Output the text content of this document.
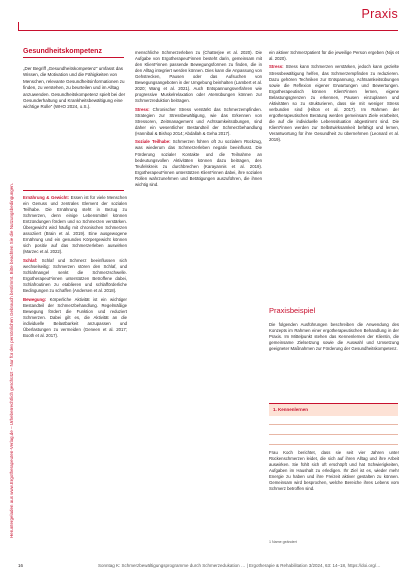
Heruntergeladen aus www.Ergotherapeuten-Verlag.de – Urheberrechtlich geschützt – Nur für den persönlichen Gebrauch bestimmt. Bitte beachten Sie die Nutzungsbedingungen.
Praxis
Gesundheitskompetenz
„Der Begriff „Gesundheitskompetenz“ umfasst das Wissen, die Motivation und die Fähigkeiten von Menschen, relevante Gesundheitsinformationen zu finden, zu verstehen, zu beurteilen und im Alltag anzuwenden. Gesundheitskompetenz spielt bei der Gesunderhaltung und Krankheitsbewältigung eine wichtige Rolle“ (WHO 2024, o.S.).

Ernährung & Gewicht: Essen ist für viele Menschen ein Genuss und zentrales Element der sozialen Teilhabe. Die Ernährung steht in Bezug zu Schmerzen, denn einige Lebensmittel können Entzündungen fördern und so Schmerzen verstärken. Übergewicht wird häufig mit chronischen Schmerzen assoziiert (Brain et al. 2019). Eine ausgewogene Ernährung und ein gesundes Körpergewicht können sich positiv auf das Schmerzerleben auswirken (Marzec et al. 2022).

Schlaf: Schlaf und Schmerz beeinflussen sich wechselseitig: Schmerzen stören den Schlaf, und Schlafmangel senkt die Schmerzschwelle. Ergotherapeut*innen unterstützen Betroffene dabei, Schlafroutinen zu etablieren und schlafförderliche Bedingungen zu schaffen (Andersen et al. 2018).

Bewegung: Körperliche Aktivität ist ein wichtiger Bestandteil der Schmerzbehandlung. Regelmäßige Bewegung fördert die Funktion und reduziert Schmerzen. Dabei gilt es, die Aktivität an die individuelle Belastbarkeit anzupassen und Überlastungen zu vermeiden (Geneen et al. 2017; Booth et al. 2017).

menschliche Schmerzerleben zu (Chatterjee et al. 2020). Die Aufgabe von Ergotherapeut*innen besteht darin, gemeinsam mit den Klient*innen passende Bewegungsformen zu finden, die in den Alltag integriert werden können. Dies kann die Anpassung von Gehstrecken, Pausen oder das Aufsuchen von Bewegungsangeboten in der Umgebung beinhalten (Lambert et al. 2020; Wang et al. 2021). Auch Entspannungsverfahren wie progressive Muskelrelaxation oder Atemübungen können zur Schmerzreduktion beitragen.

Stress: Chronischer Stress verstärkt das Schmerzempfinden. Strategien zur Stressbewältigung, wie das Erkennen von Stressoren, Zeitmanagement und Achtsamkeitsübungen, sind daher ein wesentlicher Bestandteil der Schmerzbehandlung (Hannibal & Bishop 2014; Abdallah & Geha 2017).

Soziale Teilhabe: Schmerzen führen oft zu sozialem Rückzug, was wiederum das Schmerzerleben negativ beeinflusst. Die Förderung sozialer Kontakte und die Teilnahme an bedeutungsvollen Aktivitäten können dazu beitragen, den Teufelskreis zu durchbrechen (Karayannis et al. 2019). Ergotherapeut*innen unterstützen Klient*innen dabei, ihre sozialen Rollen wahrzunehmen und Betätigungen auszuführen, die ihnen wichtig sind.

ein aktiver Schmerzpatient für die jeweilige Person ergeben (Nijs et al. 2020).

Stress: Stress kann Schmerzen verstärken, jedoch kann gezielte Stressbewältigung helfen, das Schmerzempfinden zu reduzieren. Dazu gehören Techniken zur Entspannung, Achtsamkeitsübungen sowie die Reflexion eigener Erwartungen und Bewertungen. Ergotherapeutisch können Klient*innen lernen, eigene Belastungsgrenzen zu erkennen, Pausen einzuplanen und Aktivitäten so zu strukturieren, dass sie mit weniger Stress verbunden sind (Hilton et al. 2017). Im Rahmen der ergotherapeutischen Beratung werden gemeinsam Ziele erarbeitet, die auf die individuelle Lebenssituation abgestimmt sind. Die Klient*innen werden zur Selbstwirksamkeit befähigt und lernen, Verantwortung für ihre Gesundheit zu übernehmen (Leonard et al. 2019).

Praxisbeispiel

Die folgenden Ausführungen beschreiben die Anwendung des Konzepts im Rahmen einer ergotherapeutischen Behandlung in der Praxis. Im Mittelpunkt stehen das Kennenlernen der Klientin, die gemeinsame Zielsetzung sowie die Auswahl und Umsetzung geeigneter Maßnahmen zur Förderung der Gesundheitskompetenz.

1. Kennenlernen

Frau Koch berichtet, dass sie seit vier Jahren unter Rückenschmerzen leidet, die sich auf ihren Alltag und ihre Arbeit auswirken. Sie fühlt sich oft erschöpft und hat Schwierigkeiten, Aufgaben im Haushalt zu erledigen. Ihr Ziel ist es, wieder mehr Energie zu haben und ihre Freizeit aktiver gestalten zu können. Gemeinsam wird besprochen, welche Bereiche ihres Lebens vom Schmerz betroffen sind.

1 Name geändert
16	Sonntag K: Schmerzbewältigungsprogramme durch Schmerzedukation … | Ergotherapie & Rehabilitation 3/2024, 63: 14–18, https://doi.org/…
